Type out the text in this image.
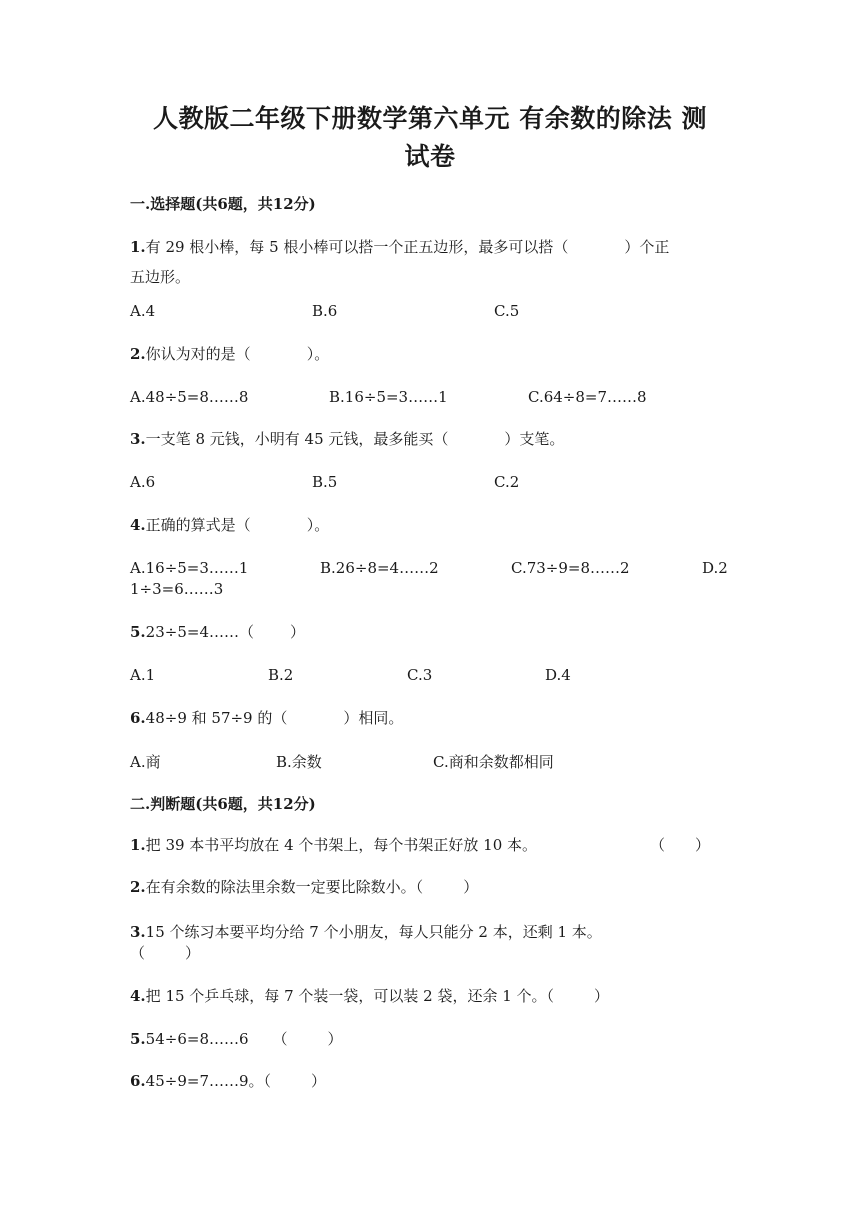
人教版二年级下册数学第六单元 有余数的除法 测
试卷
一.选择题(共6题，共12分)
1.有 29 根小棒，每 5 根小棒可以搭一个正五边形，最多可以搭（	）个正
五边形。
A.4	B.6	C.5
2.你认为对的是（	）。
A.48÷5=8……8	B.16÷5=3……1	C.64÷8=7……8
3.一支笔 8 元钱，小明有 45 元钱，最多能买（	）支笔。
A.6	B.5	C.2
4.正确的算式是（	）。
A.16÷5=3……1	B.26÷8=4……2	C.73÷9=8……2	D.2
1÷3=6……3
5.23÷5=4……（ ）
A.1	B.2	C.3	D.4
6.48÷9 和 57÷9 的（	）相同。
A.商	B.余数	C.商和余数都相同
二.判断题(共6题，共12分)
1.把 39 本书平均放在 4 个书架上，每个书架正好放 10 本。	（　　）
2.在有余数的除法里余数一定要比除数小。（	）
3.15 个练习本要平均分给 7 个小朋友，每人只能分 2 本，还剩 1 本。
（	）
4.把 15 个乒乓球，每 7 个装一袋，可以装 2 袋，还余 1 个。（	）
5.54÷6=8……6 （	）
6.45÷9=7……9。（	）
